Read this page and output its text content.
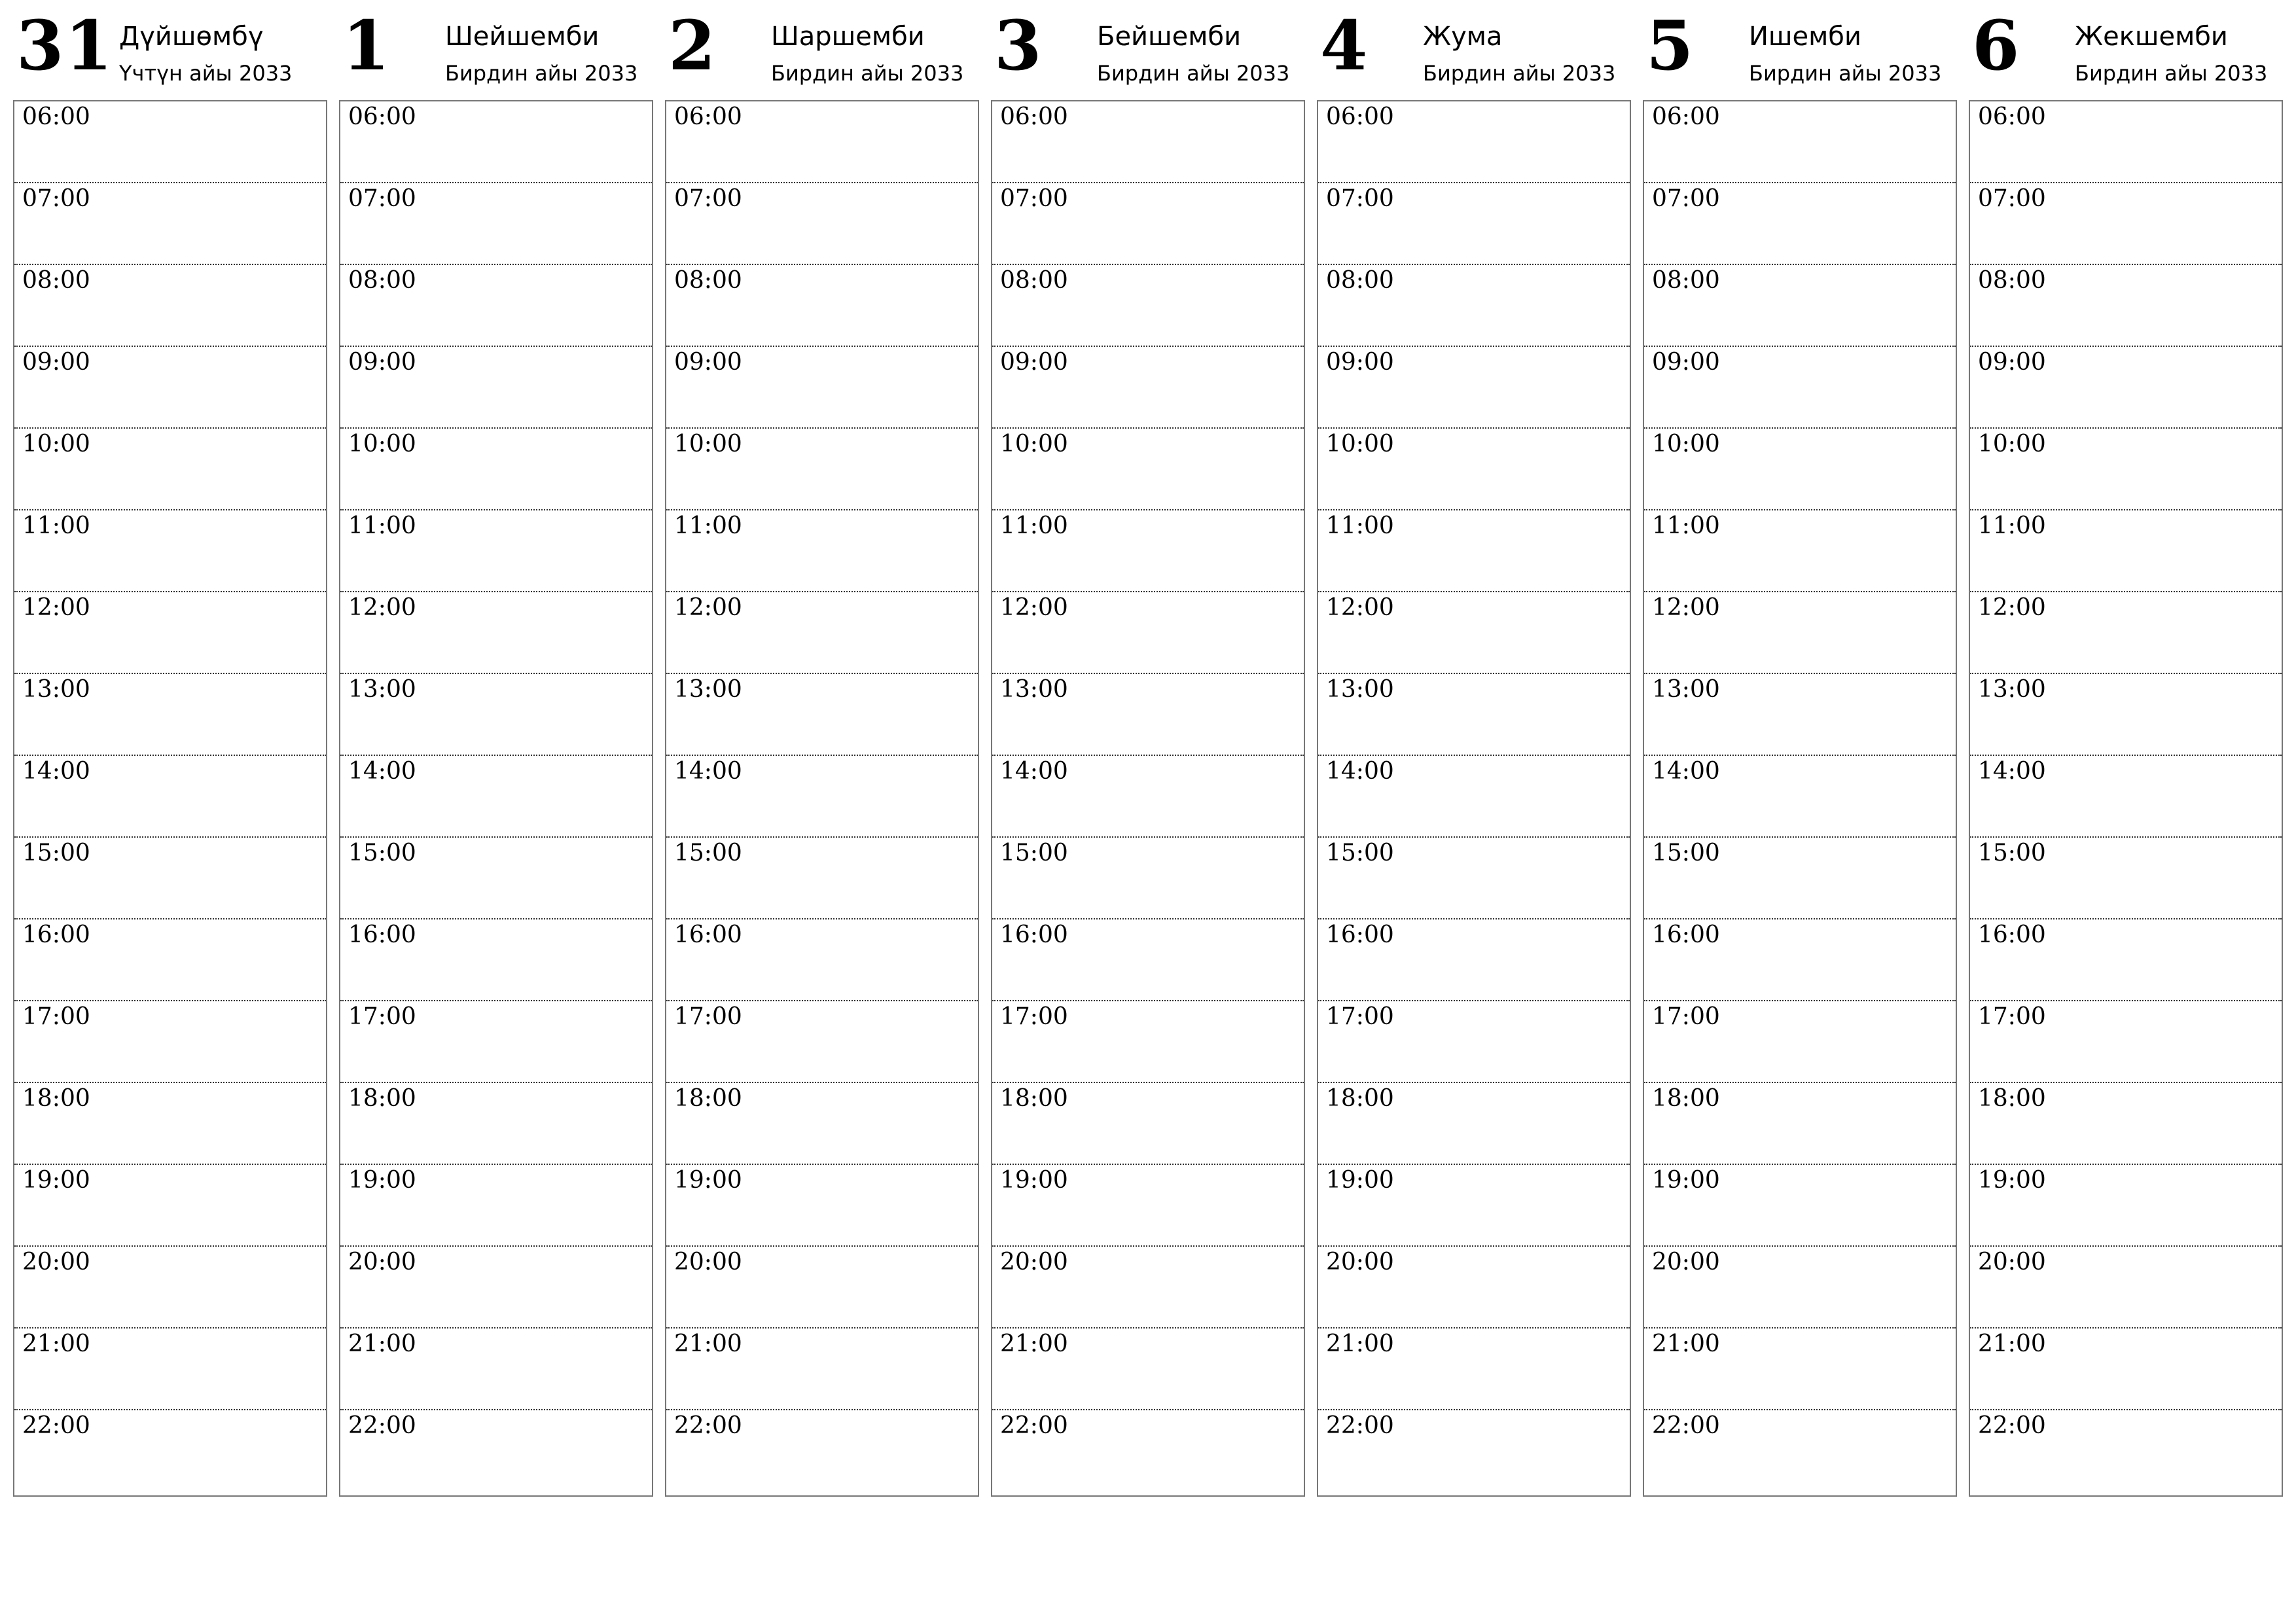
31 Дүйшөмбү
Үчтүн айы 2033
06:00
07:00
08:00
09:00
10:00
11:00
12:00
13:00
14:00
15:00
16:00
17:00
18:00
19:00
20:00
21:00
22:00
1 Шейшемби
Бирдин айы 2033
06:00
07:00
08:00
09:00
10:00
11:00
12:00
13:00
14:00
15:00
16:00
17:00
18:00
19:00
20:00
21:00
22:00
2 Шаршемби
Бирдин айы 2033
06:00
07:00
08:00
09:00
10:00
11:00
12:00
13:00
14:00
15:00
16:00
17:00
18:00
19:00
20:00
21:00
22:00
3 Бейшемби
Бирдин айы 2033
06:00
07:00
08:00
09:00
10:00
11:00
12:00
13:00
14:00
15:00
16:00
17:00
18:00
19:00
20:00
21:00
22:00
4 Жума
Бирдин айы 2033
06:00
07:00
08:00
09:00
10:00
11:00
12:00
13:00
14:00
15:00
16:00
17:00
18:00
19:00
20:00
21:00
22:00
5 Ишемби
Бирдин айы 2033
06:00
07:00
08:00
09:00
10:00
11:00
12:00
13:00
14:00
15:00
16:00
17:00
18:00
19:00
20:00
21:00
22:00
6 Жекшемби
Бирдин айы 2033
06:00
07:00
08:00
09:00
10:00
11:00
12:00
13:00
14:00
15:00
16:00
17:00
18:00
19:00
20:00
21:00
22:00
